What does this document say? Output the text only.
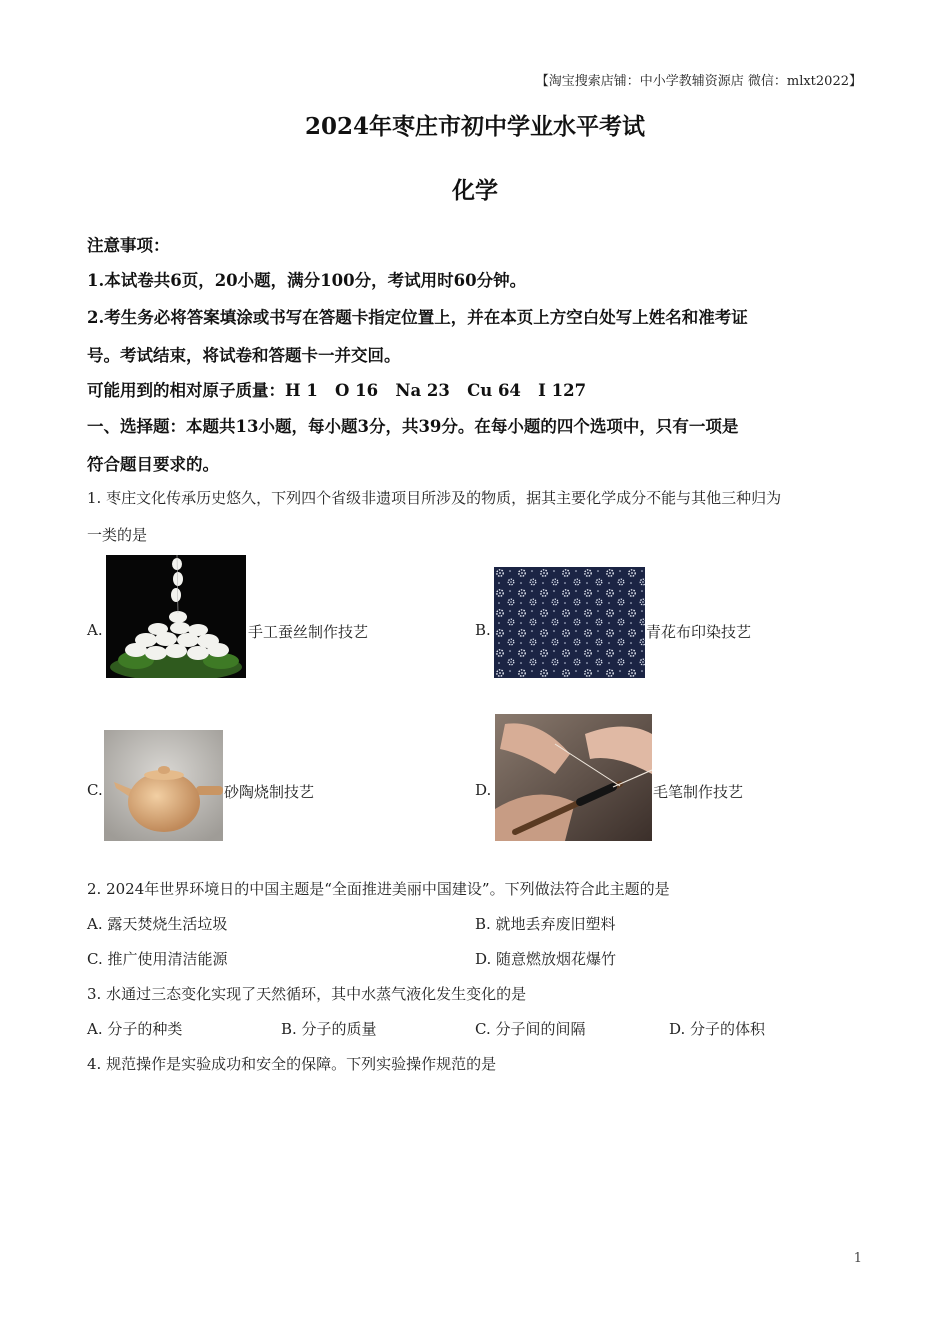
【淘宝搜索店铺：中小学教辅资源店 微信：mlxt2022】
2024年枣庄市初中学业水平考试
化学
注意事项：
1.本试卷共6页，20小题，满分100分，考试用时60分钟。
2.考生务必将答案填涂或书写在答题卡指定位置上，并在本页上方空白处写上姓名和准考证
号。考试结束，将试卷和答题卡一并交回。
可能用到的相对原子质量：H 1   O 16   Na 23   Cu 64   I 127
一、选择题：本题共13小题，每小题3分，共39分。在每小题的四个选项中，只有一项是
符合题目要求的。
1. 枣庄文化传承历史悠久，下列四个省级非遗项目所涉及的物质，据其主要化学成分不能与其他三种归为
一类的是
A.	手工蚕丝制作技艺	B.	青花布印染技艺
C.	砂陶烧制技艺	D.	毛笔制作技艺
2. 2024年世界环境日的中国主题是“全面推进美丽中国建设”。下列做法符合此主题的是
A. 露天焚烧生活垃圾	B. 就地丢弃废旧塑料
C. 推广使用清洁能源	D. 随意燃放烟花爆竹
3. 水通过三态变化实现了天然循环，其中水蒸气液化发生变化的是
A. 分子的种类	B. 分子的质量	C. 分子间的间隔	D. 分子的体积
4. 规范操作是实验成功和安全的保障。下列实验操作规范的是
1
